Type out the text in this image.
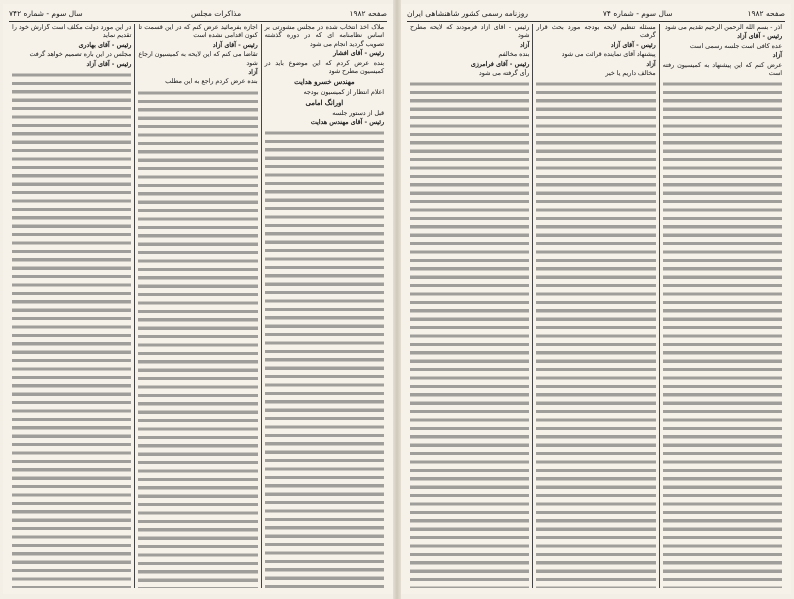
صفحه ۱۹۸۲
مذاکرات مجلس
سال سوم - شماره ۷۴۲

ملاک اخذ انتخاب شده در مجلس مشورتی بر اساس نظامنامه ای که در دوره گذشته تصویب گردید انجام می شود

رئیس - آقای افشار

بنده عرض کردم که این موضوع باید در کمیسیون مطرح شود

مهندس خسرو هدایت

اعلام انتظار از کمیسیون بودجه

اورانگ امامی

قبل از دستور جلسه

رئیس - آقای مهندس هدایت

اجازه بفرمائید عرض کنم که در این قسمت تا کنون اقدامی نشده است

رئیس - آقای آزاد

تقاضا می کنم که این لایحه به کمیسیون ارجاع شود

آزاد

بنده عرض کردم راجع به این مطلب

در این مورد دولت مکلف است گزارش خود را تقدیم نماید

رئیس - آقای بهادری

مجلس در این باره تصمیم خواهد گرفت

رئیس - آقای آزاد

صفحه ۱۹۸۲
سال سوم - شماره ۷۴
روزنامه رسمی کشور شاهنشاهی ایران

آذر - بسم الله الرحمن الرحیم تقدیم می شود

رئیس - آقای آزاد

عده کافی است جلسه رسمی است

آزاد

عرض کنم که این پیشنهاد به کمیسیون رفته است

مسئله تنظیم لایحه بودجه مورد بحث قرار گرفت

رئیس - آقای آزاد

پیشنهاد آقای نماینده قرائت می شود

آزاد

مخالف داریم یا خیر

رئیس - آقای آزاد فرمودند که لایحه مطرح شود

آزاد

بنده مخالفم

رئیس - آقای فرامرزی

رأی گرفته می شود
